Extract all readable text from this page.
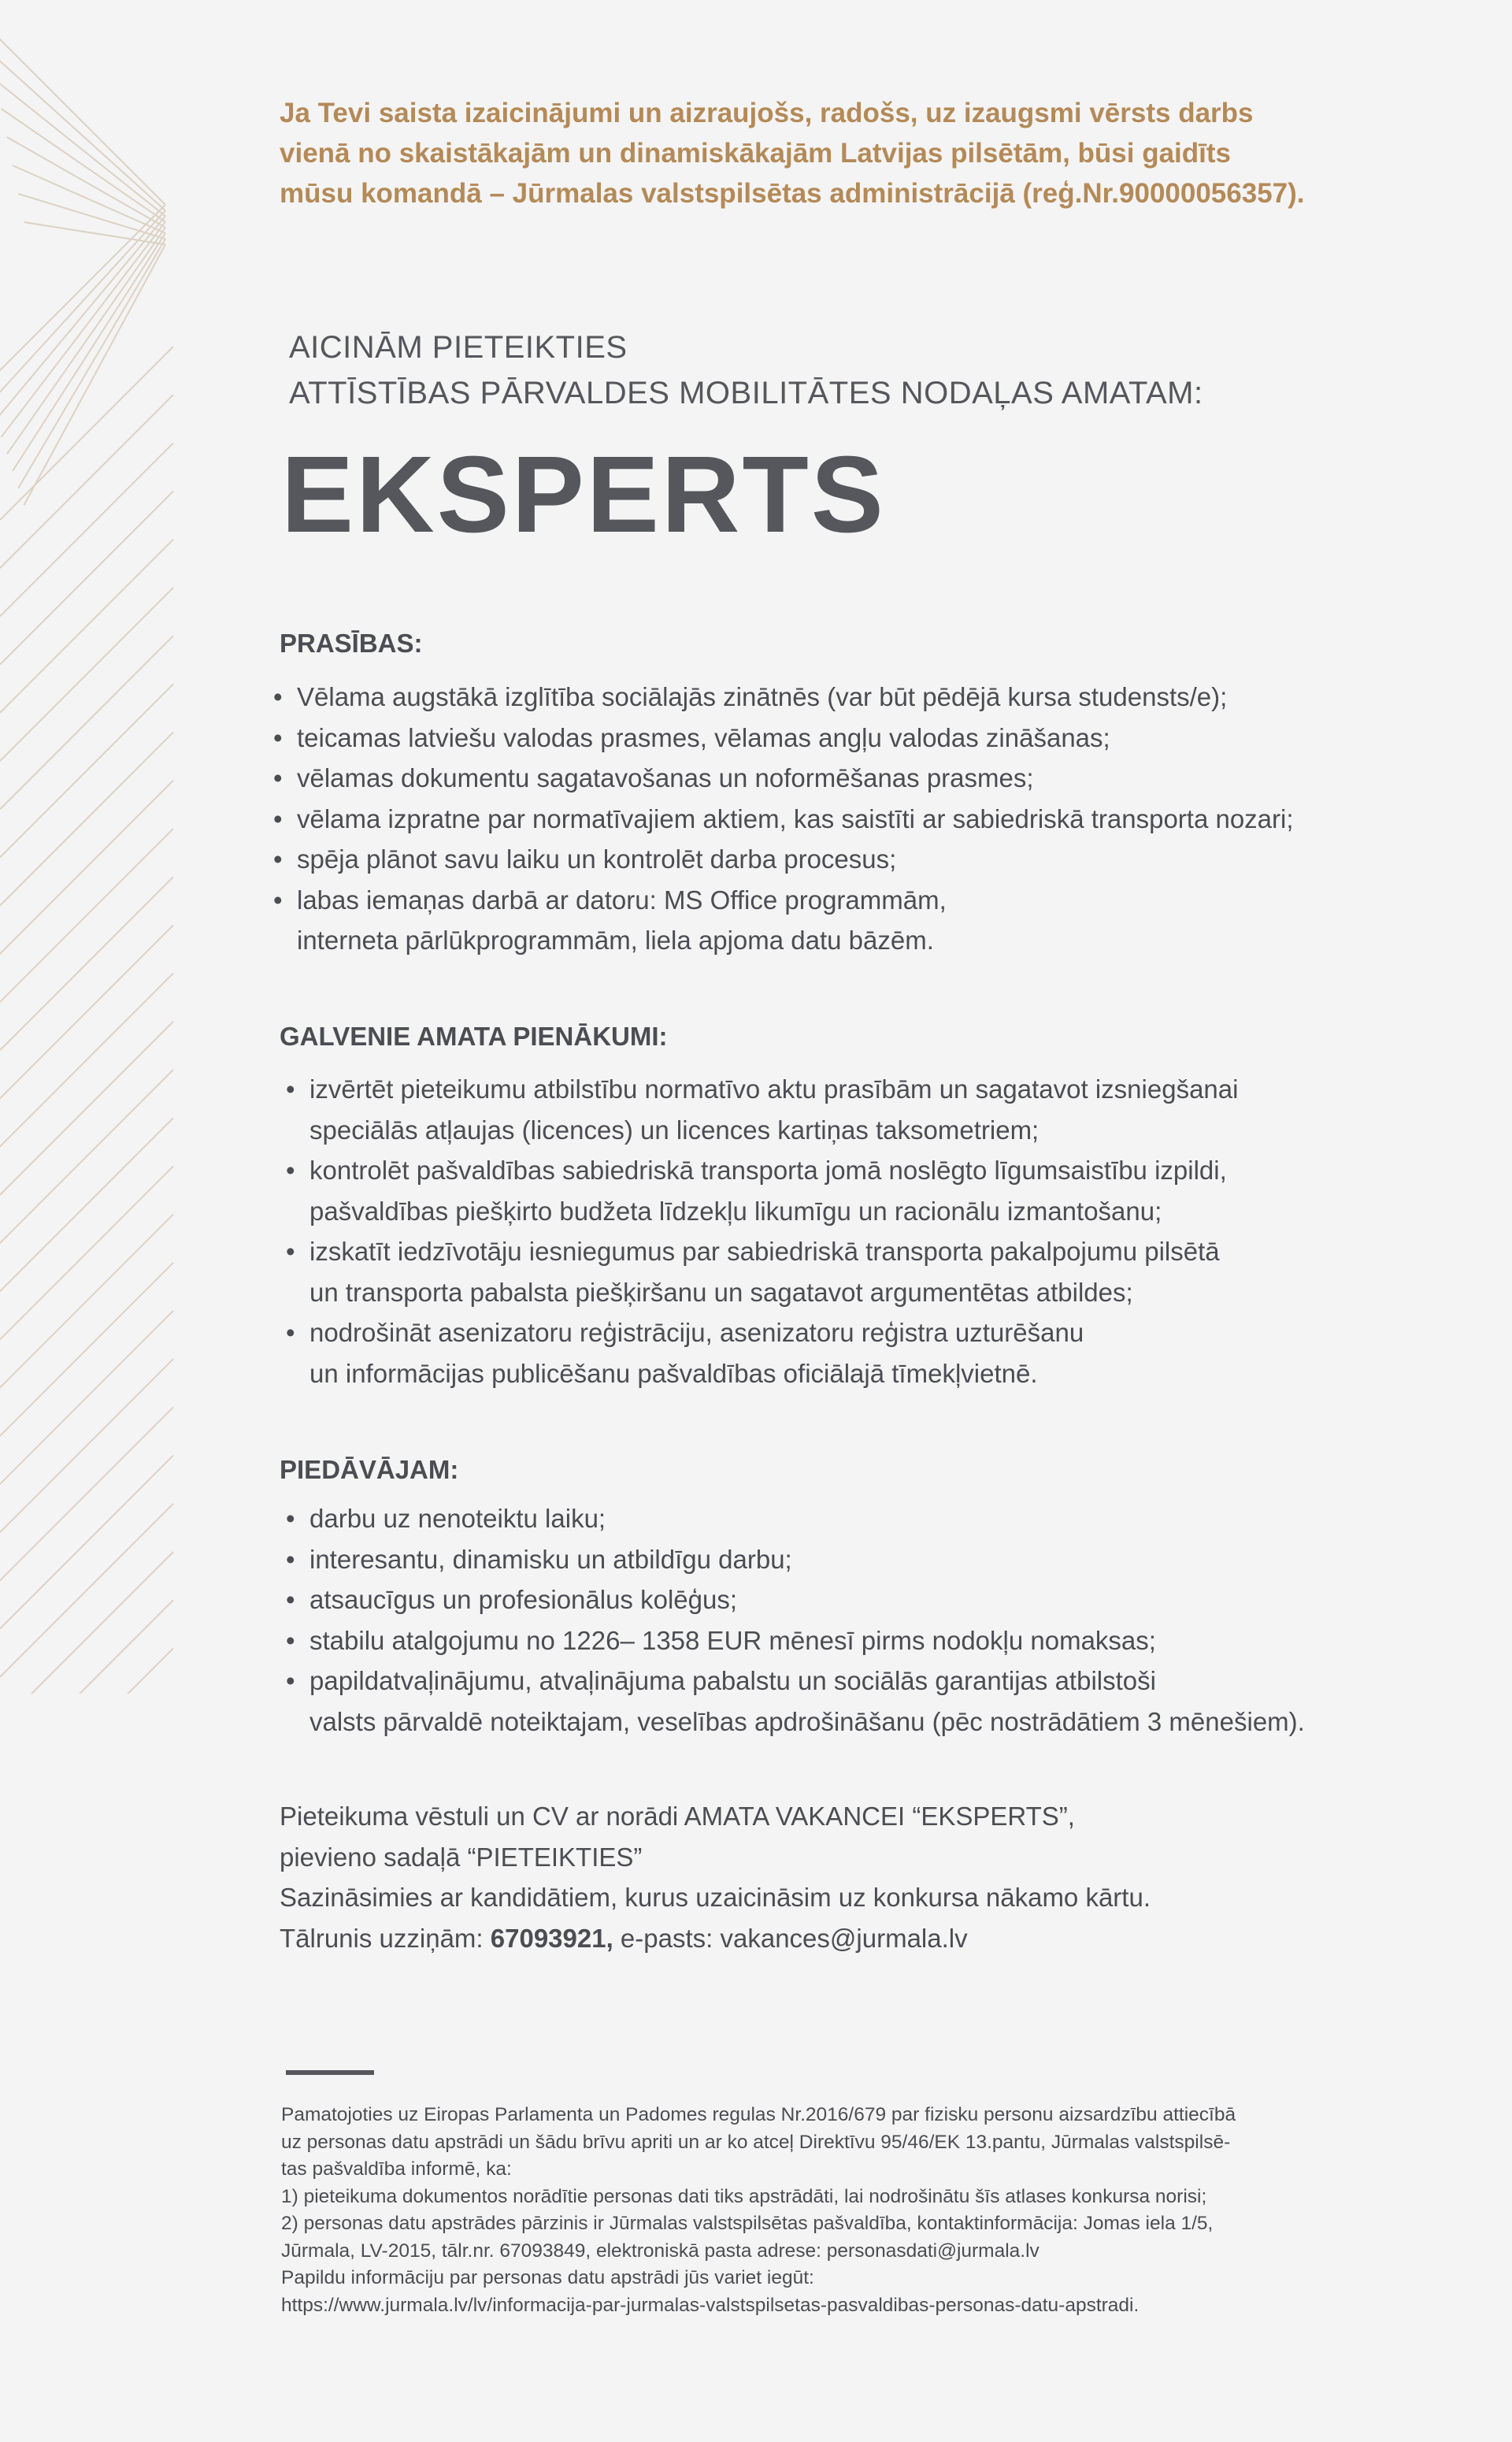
Ja Tevi saista izaicinājumi un aizraujošs, radošs, uz izaugsmi vērsts darbs

vienā no skaistākajām un dinamiskākajām Latvijas pilsētām, būsi gaidīts

mūsu komandā – Jūrmalas valstspilsētas administrācijā (reģ.Nr.90000056357).

AICINĀM PIETEIKTIES

ATTĪSTĪBAS PĀRVALDES MOBILITĀTES NODAĻAS AMATAM:

EKSPERTS
PRASĪBAS:
• Vēlama augstākā izglītība sociālajās zinātnēs (var būt pēdējā kursa studensts/e);
• teicamas latviešu valodas prasmes, vēlamas angļu valodas zināšanas;
• vēlamas dokumentu sagatavošanas un noformēšanas prasmes;
• vēlama izpratne par normatīvajiem aktiem, kas saistīti ar sabiedriskā transporta nozari;
• spēja plānot savu laiku un kontrolēt darba procesus;
• labas iemaņas darbā ar datoru: MS Office programmām,
interneta pārlūkprogrammām, liela apjoma datu bāzēm.
GALVENIE AMATA PIENĀKUMI:
• izvērtēt pieteikumu atbilstību normatīvo aktu prasībām un sagatavot izsniegšanai
speciālās atļaujas (licences) un licences kartiņas taksometriem;
• kontrolēt pašvaldības sabiedriskā transporta jomā noslēgto līgumsaistību izpildi,
pašvaldības piešķirto budžeta līdzekļu likumīgu un racionālu izmantošanu;
• izskatīt iedzīvotāju iesniegumus par sabiedriskā transporta pakalpojumu pilsētā
un transporta pabalsta piešķiršanu un sagatavot argumentētas atbildes;
• nodrošināt asenizatoru reģistrāciju, asenizatoru reģistra uzturēšanu
un informācijas publicēšanu pašvaldības oficiālajā tīmekļvietnē.
PIEDĀVĀJAM:
• darbu uz nenoteiktu laiku;
• interesantu, dinamisku un atbildīgu darbu;
• atsaucīgus un profesionālus kolēģus;
• stabilu atalgojumu no 1226– 1358 EUR mēnesī pirms nodokļu nomaksas;
• papildatvaļinājumu, atvaļinājuma pabalstu un sociālās garantijas atbilstoši
valsts pārvaldē noteiktajam, veselības apdrošināšanu (pēc nostrādātiem 3 mēnešiem).

Pieteikuma vēstuli un CV ar norādi AMATA VAKANCEI “EKSPERTS”,

pievieno sadaļā “PIETEIKTIES”

Sazināsimies ar kandidātiem, kurus uzaicināsim uz konkursa nākamo kārtu.

Tālrunis uzziņām: 67093921, e-pasts: vakances@jurmala.lv

Pamatojoties uz Eiropas Parlamenta un Padomes regulas Nr.2016/679 par fizisku personu aizsardzību attiecībā

uz personas datu apstrādi un šādu brīvu apriti un ar ko atceļ Direktīvu 95/46/EK 13.pantu, Jūrmalas valstspilsē-

tas pašvaldība informē, ka:

1) pieteikuma dokumentos norādītie personas dati tiks apstrādāti, lai nodrošinātu šīs atlases konkursa norisi;

2) personas datu apstrādes pārzinis ir Jūrmalas valstspilsētas pašvaldība, kontaktinformācija: Jomas iela 1/5,

Jūrmala, LV-2015, tālr.nr. 67093849, elektroniskā pasta adrese: personasdati@jurmala.lv

Papildu informāciju par personas datu apstrādi jūs variet iegūt:

https://www.jurmala.lv/lv/informacija-par-jurmalas-valstspilsetas-pasvaldibas-personas-datu-apstradi.
